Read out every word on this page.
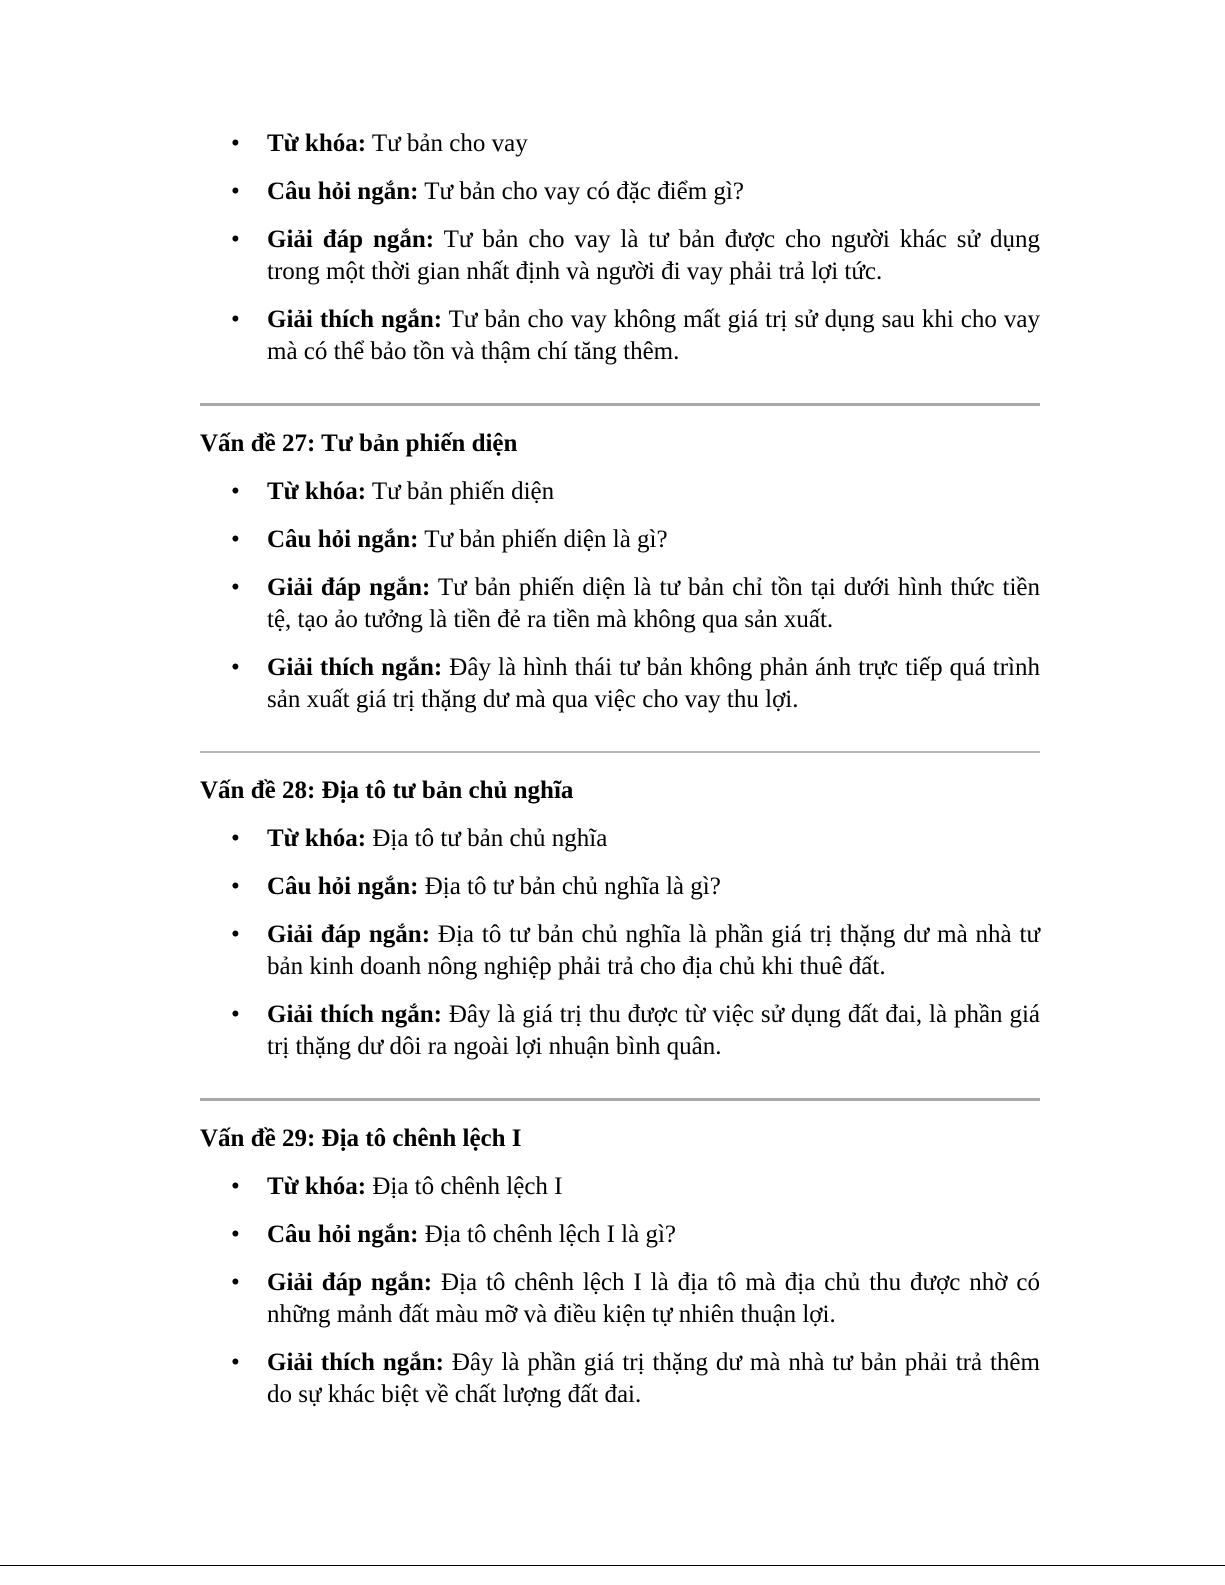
• Từ khóa: Tư bản cho vay
• Câu hỏi ngắn: Tư bản cho vay có đặc điểm gì?
• Giải đáp ngắn: Tư bản cho vay là tư bản được cho người khác sử dụng trong một thời gian nhất định và người đi vay phải trả lợi tức.
• Giải thích ngắn: Tư bản cho vay không mất giá trị sử dụng sau khi cho vay mà có thể bảo tồn và thậm chí tăng thêm.
Vấn đề 27: Tư bản phiến diện
• Từ khóa: Tư bản phiến diện
• Câu hỏi ngắn: Tư bản phiến diện là gì?
• Giải đáp ngắn: Tư bản phiến diện là tư bản chỉ tồn tại dưới hình thức tiền tệ, tạo ảo tưởng là tiền đẻ ra tiền mà không qua sản xuất.
• Giải thích ngắn: Đây là hình thái tư bản không phản ánh trực tiếp quá trình sản xuất giá trị thặng dư mà qua việc cho vay thu lợi.
Vấn đề 28: Địa tô tư bản chủ nghĩa
• Từ khóa: Địa tô tư bản chủ nghĩa
• Câu hỏi ngắn: Địa tô tư bản chủ nghĩa là gì?
• Giải đáp ngắn: Địa tô tư bản chủ nghĩa là phần giá trị thặng dư mà nhà tư bản kinh doanh nông nghiệp phải trả cho địa chủ khi thuê đất.
• Giải thích ngắn: Đây là giá trị thu được từ việc sử dụng đất đai, là phần giá trị thặng dư dôi ra ngoài lợi nhuận bình quân.
Vấn đề 29: Địa tô chênh lệch I
• Từ khóa: Địa tô chênh lệch I
• Câu hỏi ngắn: Địa tô chênh lệch I là gì?
• Giải đáp ngắn: Địa tô chênh lệch I là địa tô mà địa chủ thu được nhờ có những mảnh đất màu mỡ và điều kiện tự nhiên thuận lợi.
• Giải thích ngắn: Đây là phần giá trị thặng dư mà nhà tư bản phải trả thêm do sự khác biệt về chất lượng đất đai.
